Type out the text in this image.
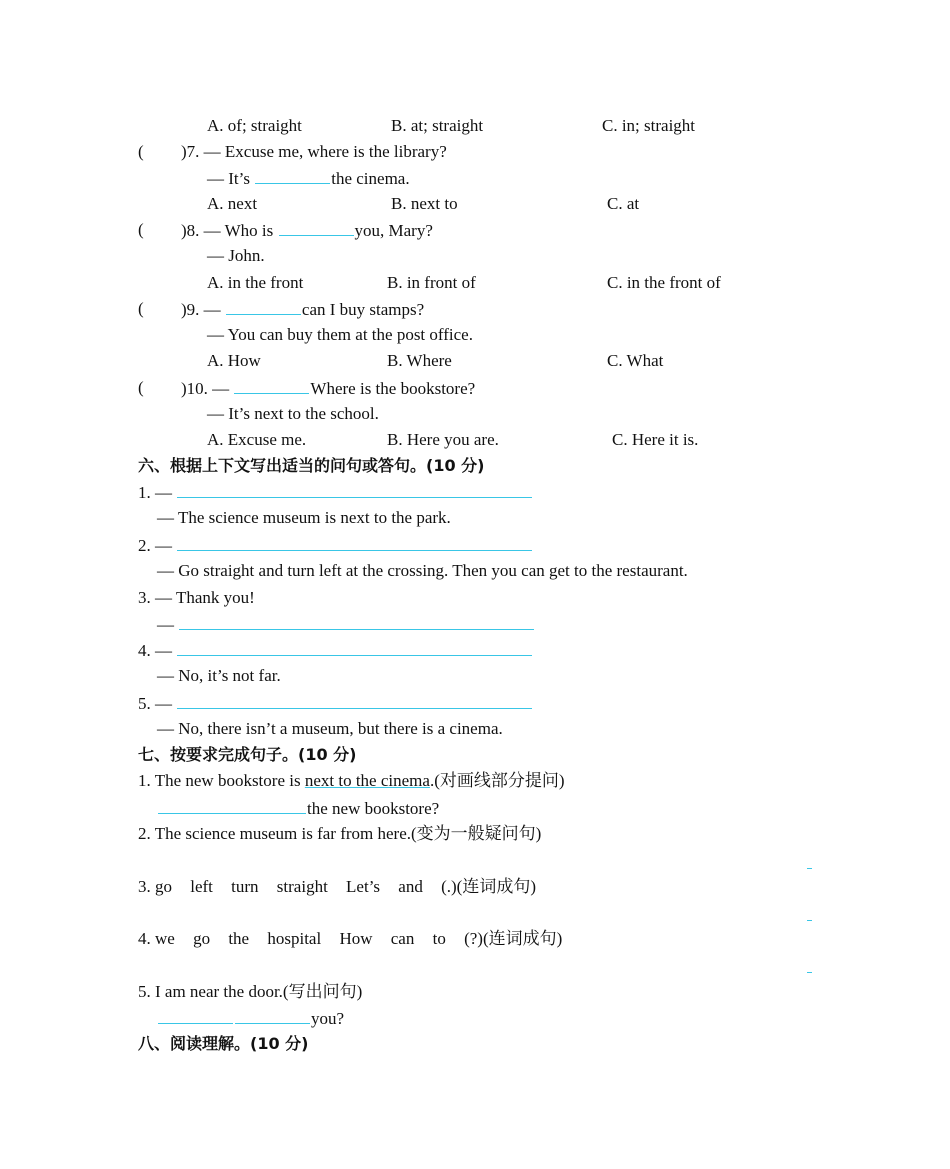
A. of; straight	B. at; straight	C. in; straight
( )7. — Excuse me, where is the library?
— It’s	the cinema.
A. next	B. next to	C. at
( )8. — Who is	you, Mary?
— John.
A. in the front	B. in front of	C. in the front of
( )9. —	can I buy stamps?
— You can buy them at the post office.
A. How	B. Where	C. What
( )10. —	Where is the bookstore?
— It’s next to the school.
A. Excuse me.	B. Here you are.	C. Here it is.
六、根据上下文写出适当的问句或答句。(10 分)
1. —
— The science museum is next to the park.
2. —
— Go straight and turn left at the crossing. Then you can get to the restaurant.
3. — Thank you!
—
4. —
— No, it’s not far.
5. —
— No, there isn’t a museum, but there is a cinema.
七、按要求完成句子。(10 分)
1. The new bookstore is next to the cinema.(对画线部分提问)
the new bookstore?
2. The science museum is far from here.(变为一般疑问句)
3. go left turn straight Let’s and (.)(连词成句)
4. we go the hospital How can to (?)(连词成句)
5. I am near the door.(写出问句)
you?
八、阅读理解。(10 分)
